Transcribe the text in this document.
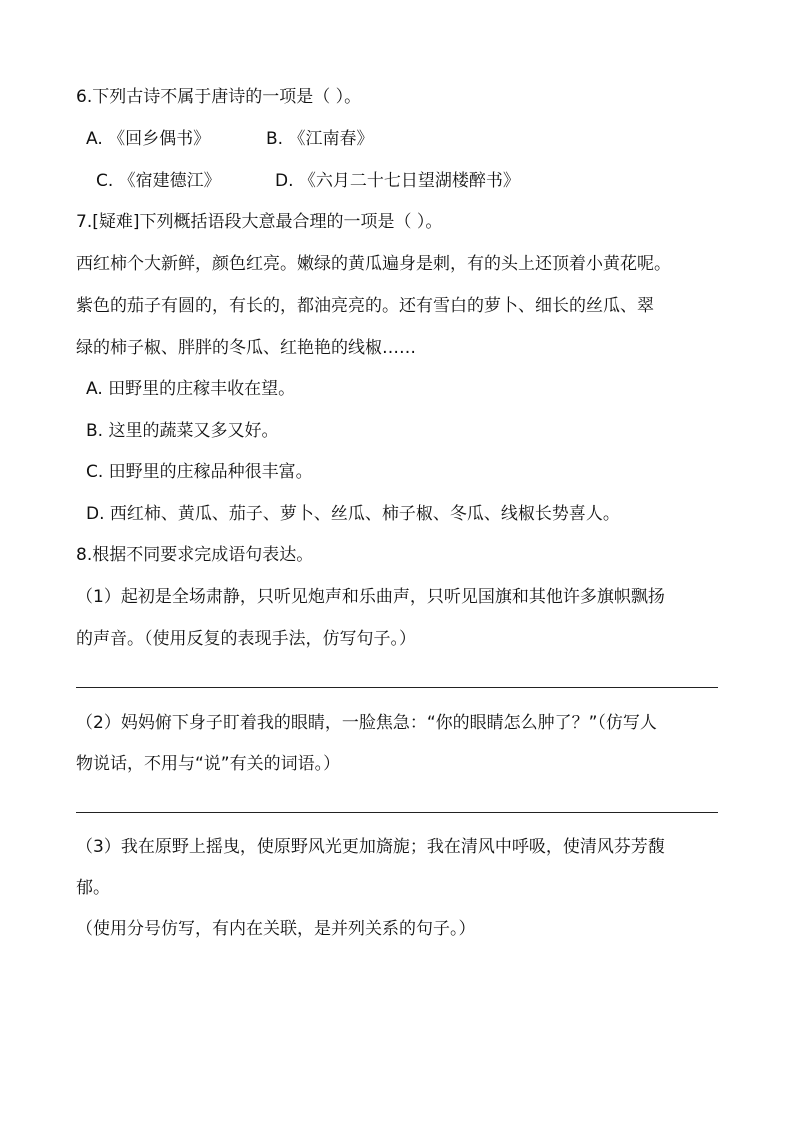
6.下列古诗不属于唐诗的一项是（ ）。
A. 《回乡偶书》	B. 《江南春》
C. 《宿建德江》	D. 《六月二十七日望湖楼醉书》
7.[疑难]下列概括语段大意最合理的一项是（ ）。
西红柿个大新鲜，颜色红亮。嫩绿的黄瓜遍身是刺，有的头上还顶着小黄花呢。
紫色的茄子有圆的，有长的，都油亮亮的。还有雪白的萝卜、细长的丝瓜、翠
绿的柿子椒、胖胖的冬瓜、红艳艳的线椒……
A. 田野里的庄稼丰收在望。
B. 这里的蔬菜又多又好。
C. 田野里的庄稼品种很丰富。
D. 西红柿、黄瓜、茄子、萝卜、丝瓜、柿子椒、冬瓜、线椒长势喜人。
8.根据不同要求完成语句表达。
（1）起初是全场肃静，只听见炮声和乐曲声，只听见国旗和其他许多旗帜飘扬
的声音。（使用反复的表现手法，仿写句子。）
（2）妈妈俯下身子盯着我的眼睛，一脸焦急：“你的眼睛怎么肿了？”（仿写人
物说话，不用与“说”有关的词语。）
（3）我在原野上摇曳，使原野风光更加旖旎；我在清风中呼吸，使清风芬芳馥
郁。
（使用分号仿写，有内在关联，是并列关系的句子。）
